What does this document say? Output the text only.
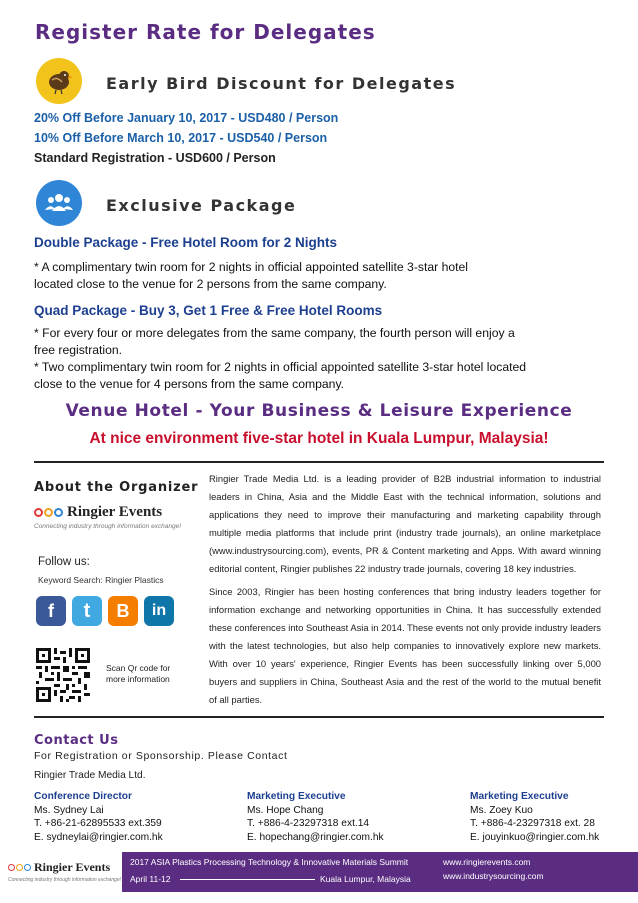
Register Rate for Delegates
Early Bird Discount for Delegates
20% Off Before January 10, 2017 - USD480 / Person
10% Off Before March 10, 2017 - USD540 / Person
Standard Registration - USD600 / Person
Exclusive Package
Double Package - Free Hotel Room for 2 Nights
* A complimentary twin room for 2 nights in official appointed satellite 3-star hotel
located close to the venue for 2 persons from the same company.
Quad Package - Buy 3, Get 1 Free & Free Hotel Rooms
* For every four or more delegates from the same company, the fourth person will enjoy a
free registration.
* Two complimentary twin room for 2 nights in official appointed satellite 3-star hotel located
close to the venue for 4 persons from the same company.
Venue Hotel - Your Business & Leisure Experience
At nice environment five-star hotel in Kuala Lumpur, Malaysia!
About the Organizer
Ringier Events
Connecting industry through information exchange!
Follow us:
Keyword Search: Ringier Plastics
f	t	B	in
Scan Qr code for
more information
Ringier Trade Media Ltd. is a leading provider of B2B industrial information to industrial leaders in China, Asia and the Middle East with the technical information, solutions and applications they need to improve their manufacturing and marketing capability through multiple media platforms that include print (industry trade journals), an online marketplace (www.industrysourcing.com), events, PR & Content marketing and Apps. With award winning editorial content, Ringier publishes 22 industry trade journals, covering 18 key industries.
Since 2003, Ringier has been hosting conferences that bring industry leaders together for information exchange and networking opportunities in China. It has successfully extended these conferences into Southeast Asia in 2014. These events not only provide industry leaders with the latest technologies, but also help companies to innovatively explore new markets. With over 10 years' experience, Ringier Events has been successfully linking over 5,000 buyers and suppliers in China, Southeast Asia and the rest of the world to the mutual benefit of all parties.
Contact Us
For Registration or Sponsorship. Please Contact
Ringier Trade Media Ltd.
Conference Director
Ms. Sydney Lai
T. +86-21-62895533 ext.359
E. sydneylai@ringier.com.hk
Marketing Executive
Ms. Hope Chang
T. +886-4-23297318 ext.14
E. hopechang@ringier.com.hk
Marketing Executive
Ms. Zoey Kuo
T. +886-4-23297318 ext. 28
E. jouyinkuo@ringier.com.hk
Ringier Events
Connecting industry through information exchange!
2017 ASIA Plastics Processing Technology & Innovative Materials Summit
April 11-12	Kuala Lumpur, Malaysia
www.ringierevents.com
www.industrysourcing.com
